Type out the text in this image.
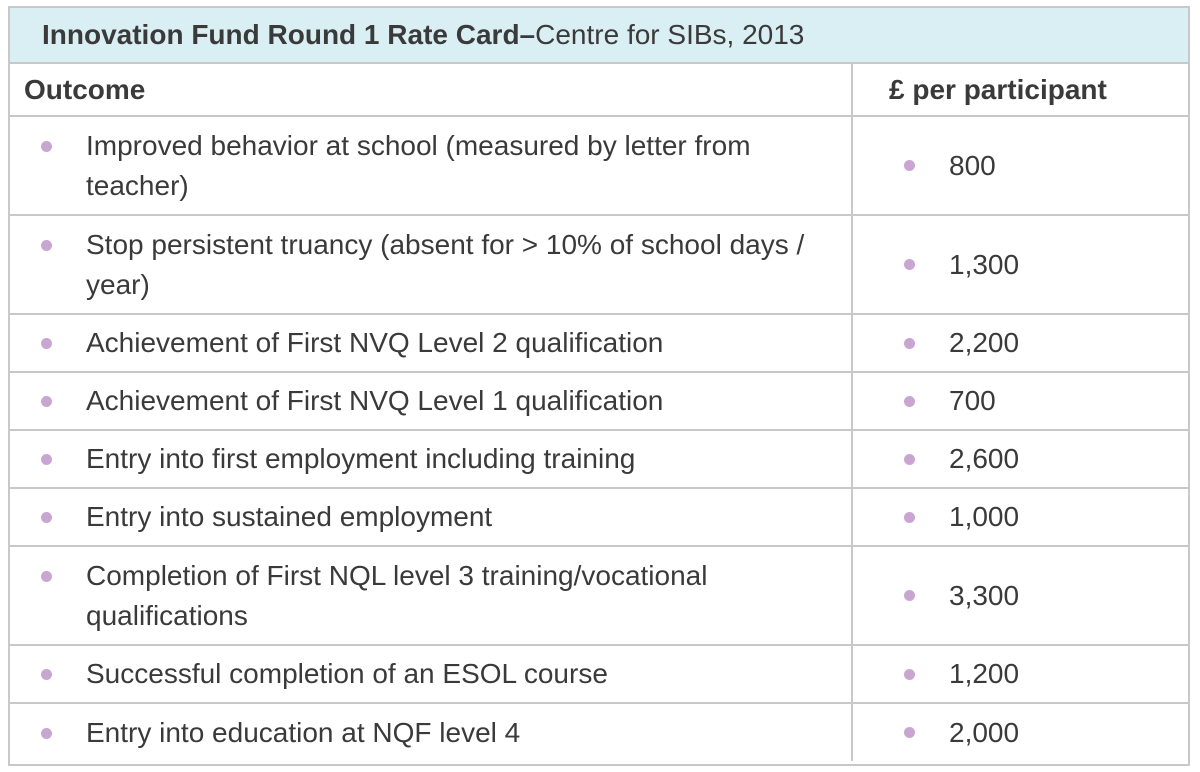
Innovation Fund Round 1 Rate Card – Centre for SIBs, 2013
Outcome	£ per participant

Improved behavior at school (measured by letter from teacher)	800

Stop persistent truancy (absent for > 10% of school days / year)	1,300

Achievement of First NVQ Level 2 qualification	2,200

Achievement of First NVQ Level 1 qualification	700

Entry into first employment including training	2,600

Entry into sustained employment	1,000

Completion of First NQL level 3 training/vocational qualifications	3,300

Successful completion of an ESOL course	1,200

Entry into education at NQF level 4	2,000
